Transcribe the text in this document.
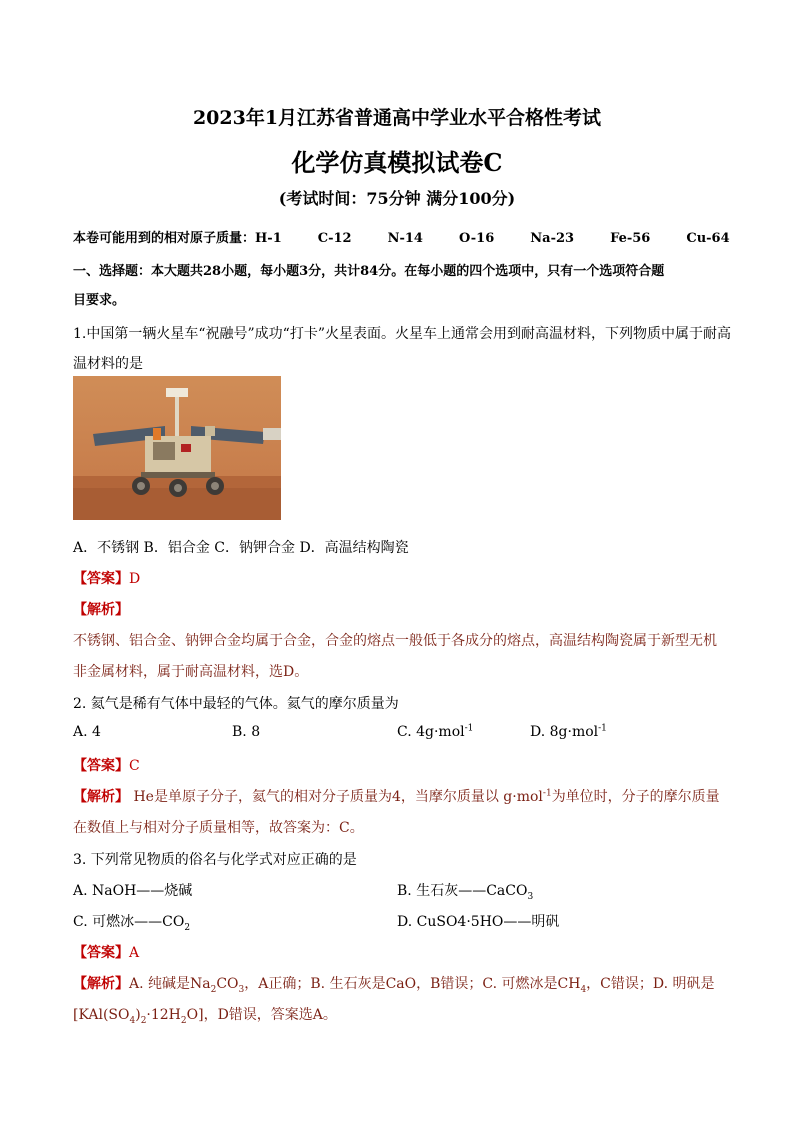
2023年1月江苏省普通高中学业水平合格性考试
化学仿真模拟试卷C
(考试时间：75分钟 满分100分)
本卷可能用到的相对原子质量：H-1	C-12	N-14	O-16	Na-23	Fe-56	Cu-64
一、选择题：本大题共28小题，每小题3分，共计84分。在每小题的四个选项中，只有一个选项符合题
目要求。
1.中国第一辆火星车“祝融号”成功“打卡”火星表面。火星车上通常会用到耐高温材料，下列物质中属于耐高
温材料的是
A．不锈钢 B．铝合金 C．钠钾合金 D．高温结构陶瓷
【答案】D
【解析】
不锈钢、铝合金、钠钾合金均属于合金，合金的熔点一般低于各成分的熔点，高温结构陶瓷属于新型无机
非金属材料，属于耐高温材料，选D。
2. 氦气是稀有气体中最轻的气体。氦气的摩尔质量为
A. 4	B. 8	C. 4g·mol$^{-1}$	D. 8g·mol$^{-1}$
【答案】C
【解析】 He是单原子分子，氦气的相对分子质量为4，当摩尔质量以 g·mol$^{-1}$为单位时，分子的摩尔质量
在数值上与相对分子质量相等，故答案为：C。
3. 下列常见物质的俗名与化学式对应正确的是
A. NaOH——烧碱	B. 生石灰——CaCO$_3$
C. 可燃冰$——CO_2$	D. CuSO4·5HO——明矾
【答案】A
【解析】A. 纯碱是$Na_2CO_3$，A正确；B. 生石灰是CaO，B错误；C. 可燃冰是$CH_4$，C错误；D. 明矾是
$[KAl(SO_4)_2\cdot 12H_2O]$，D错误，答案选A。
